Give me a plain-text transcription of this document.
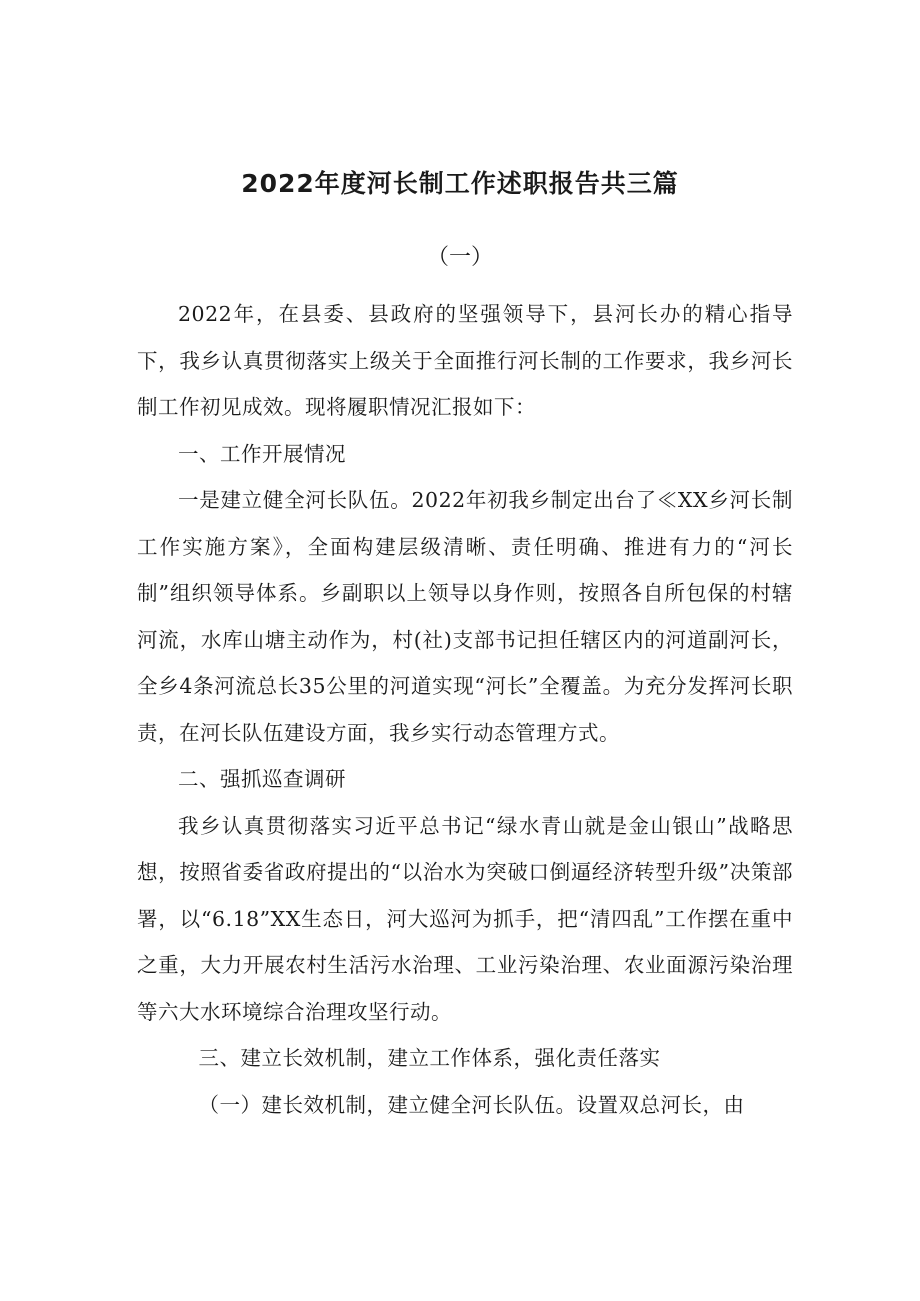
2022年度河长制工作述职报告共三篇
（一）

2022年，在县委、县政府的坚强领导下，县河长办的精心指导下，我乡认真贯彻落实上级关于全面推行河长制的工作要求，我乡河长制工作初见成效。现将履职情况汇报如下：

一、工作开展情况

一是建立健全河长队伍。2022年初我乡制定出台了≪XX乡河长制工作实施方案》，全面构建层级清晰、责任明确、推进有力的“河长制”组织领导体系。乡副职以上领导以身作则，按照各自所包保的村辖河流，水库山塘主动作为，村(社)支部书记担任辖区内的河道副河长，全乡4条河流总长35公里的河道实现“河长”全覆盖。为充分发挥河长职责，在河长队伍建设方面，我乡实行动态管理方式。

二、强抓巡查调研

我乡认真贯彻落实习近平总书记“绿水青山就是金山银山”战略思想，按照省委省政府提出的“以治水为突破口倒逼经济转型升级”决策部署，以“6.18”XX生态日，河大巡河为抓手，把“清四乱”工作摆在重中之重，大力开展农村生活污水治理、工业污染治理、农业面源污染治理等六大水环境综合治理攻坚行动。

三、建立长效机制，建立工作体系，强化责任落实

（一）建长效机制，建立健全河长队伍。设置双总河长，由
